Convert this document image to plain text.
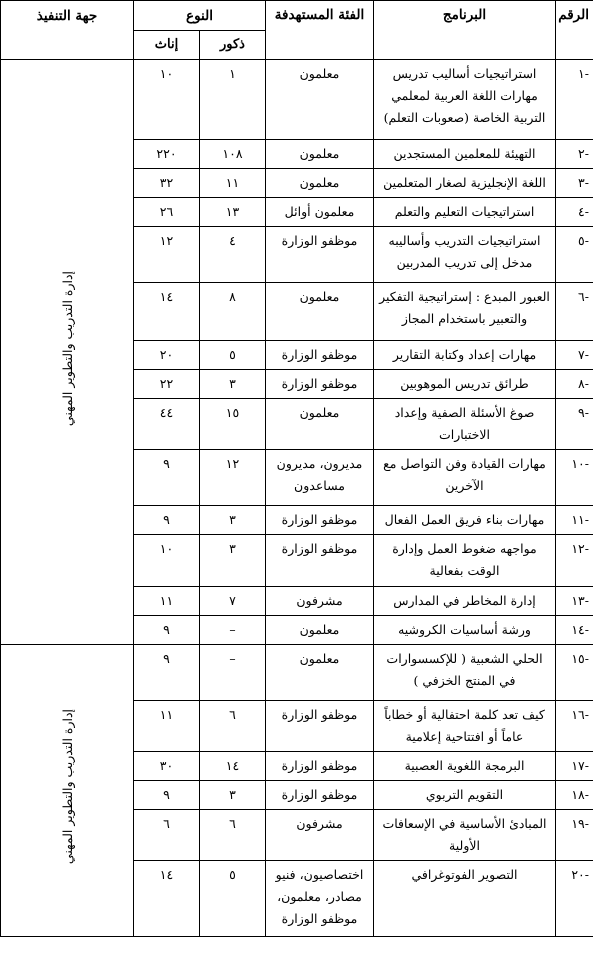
الرقم	البرنامج	الفئة المستهدفة	النوع		جهة التنفيذ
			ذكور	إناث	
-١	استراتيجيات أساليب تدريس مهارات اللغة العربية لمعلمي التربية الخاصة (صعوبات التعلم)	معلمون	١	١٠	إدارة التدريب والتطوير المهني
-٢	التهيئة للمعلمين المستجدين	معلمون	١٠٨	٢٢٠	
-٣	اللغة الإنجليزية لصغار المتعلمين	معلمون	١١	٣٢	
-٤	استراتيجيات التعليم والتعلم	معلمون أوائل	١٣	٢٦	
-٥	استراتيجيات التدريب وأساليبه مدخل إلى تدريب المدربين	موظفو الوزارة	٤	١٢	
-٦	العبور المبدع : إستراتيجية التفكير والتعبير باستخدام المجاز	معلمون	٨	١٤	
-٧	مهارات إعداد وكتابة التقارير	موظفو الوزارة	٥	٢٠	
-٨	طرائق تدريس الموهوبين	موظفو الوزارة	٣	٢٢	
-٩	صوغ الأسئلة الصفية وإعداد الاختبارات	معلمون	١٥	٤٤	
-١٠	مهارات القيادة وفن التواصل مع الآخرين	مديرون، مديرون مساعدون	١٢	٩	
-١١	مهارات بناء فريق العمل الفعال	موظفو الوزارة	٣	٩	
-١٢	مواجهه ضغوط العمل وإدارة الوقت بفعالية	موظفو الوزارة	٣	١٠	
-١٣	إدارة المخاطر في المدارس	مشرفون	٧	١١	
-١٤	ورشة أساسيات الكروشيه	معلمون	–	٩	
-١٥	الحلي الشعبية ( للإكسسوارات في المنتج الخزفي )	معلمون	–	٩	إدارة التدريب والتطوير المهني
-١٦	كيف تعد كلمة احتفالية أو خطاباً عاماً أو افتتاحية إعلامية	موظفو الوزارة	٦	١١	
-١٧	البرمجة اللغوية العصبية	موظفو الوزارة	١٤	٣٠	
-١٨	التقويم التربوي	موظفو الوزارة	٣	٩	
-١٩	المبادئ الأساسية في الإسعافات الأولية	مشرفون	٦	٦	
-٢٠	التصوير الفوتوغرافي	اختصاصيون، فنيو مصادر، معلمون، موظفو الوزارة	٥	١٤	
